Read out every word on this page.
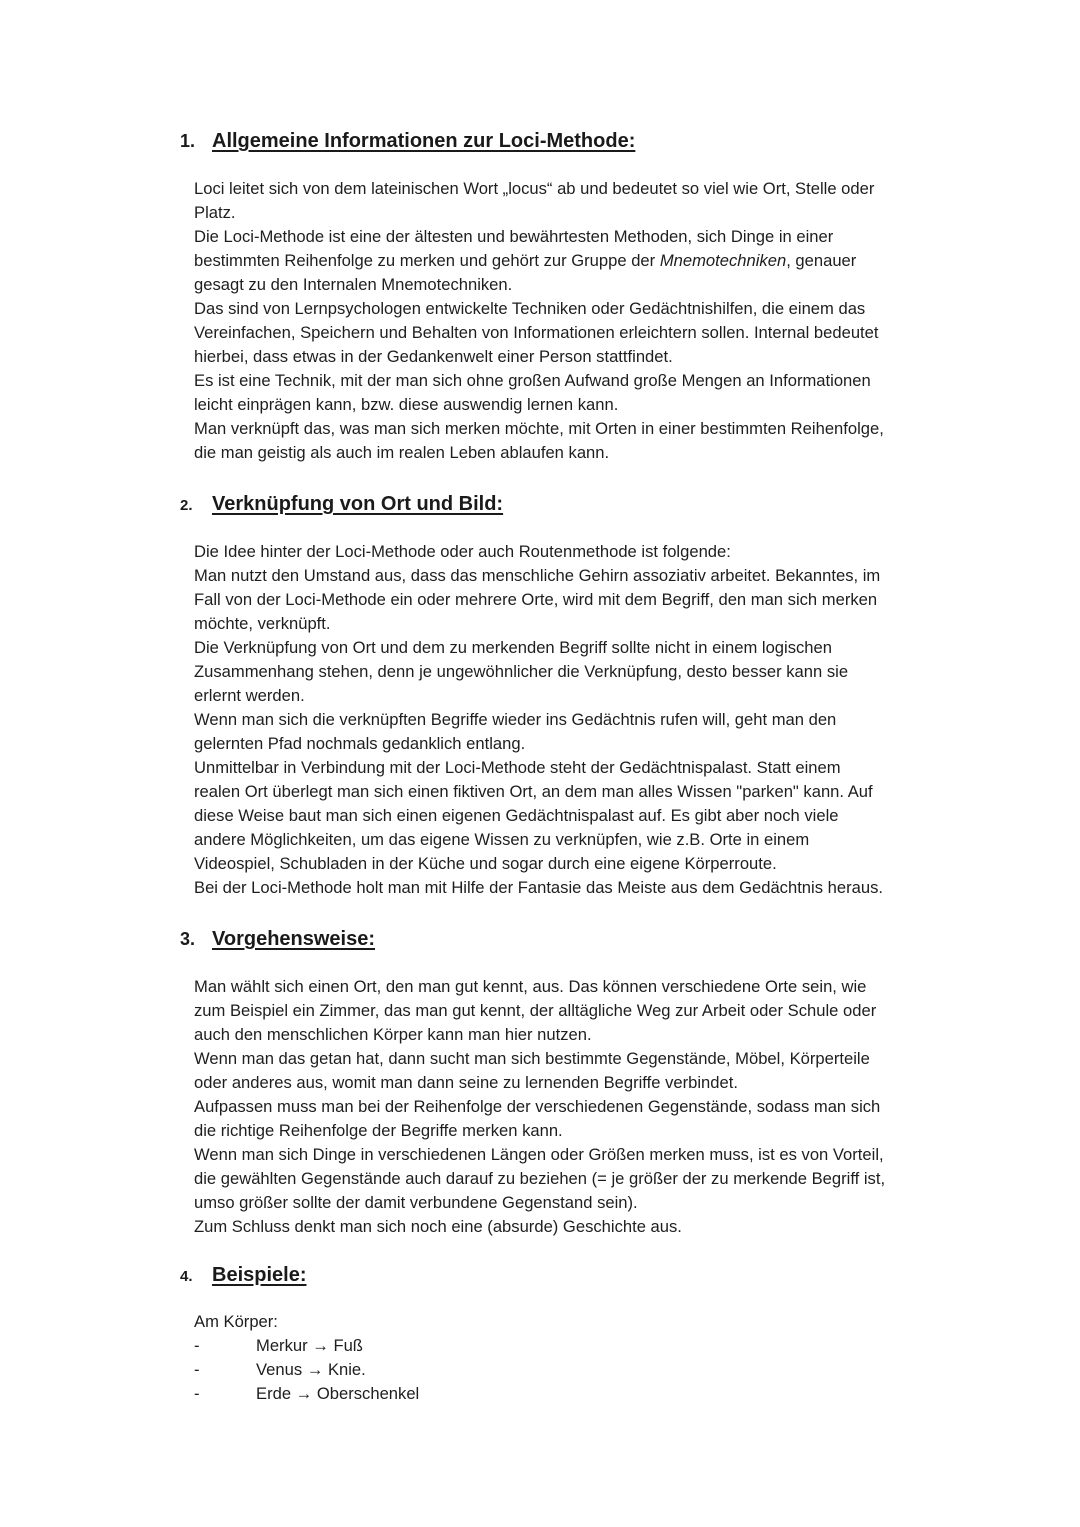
1. Allgemeine Informationen zur Loci-Methode:

Loci leitet sich von dem lateinischen Wort „locus“ ab und bedeutet so viel wie Ort, Stelle oder

Platz.

Die Loci-Methode ist eine der ältesten und bewährtesten Methoden, sich Dinge in einer

bestimmten Reihenfolge zu merken und gehört zur Gruppe der Mnemotechniken, genauer

gesagt zu den Internalen Mnemotechniken.

Das sind von Lernpsychologen entwickelte Techniken oder Gedächtnishilfen, die einem das

Vereinfachen, Speichern und Behalten von Informationen erleichtern sollen. Internal bedeutet

hierbei, dass etwas in der Gedankenwelt einer Person stattfindet.

Es ist eine Technik, mit der man sich ohne großen Aufwand große Mengen an Informationen

leicht einprägen kann, bzw. diese auswendig lernen kann.

Man verknüpft das, was man sich merken möchte, mit Orten in einer bestimmten Reihenfolge,

die man geistig als auch im realen Leben ablaufen kann.

2. Verknüpfung von Ort und Bild:

Die Idee hinter der Loci-Methode oder auch Routenmethode ist folgende:

Man nutzt den Umstand aus, dass das menschliche Gehirn assoziativ arbeitet. Bekanntes, im

Fall von der Loci-Methode ein oder mehrere Orte, wird mit dem Begriff, den man sich merken

möchte, verknüpft.

Die Verknüpfung von Ort und dem zu merkenden Begriff sollte nicht in einem logischen

Zusammenhang stehen, denn je ungewöhnlicher die Verknüpfung, desto besser kann sie

erlernt werden.

Wenn man sich die verknüpften Begriffe wieder ins Gedächtnis rufen will, geht man den

gelernten Pfad nochmals gedanklich entlang.

Unmittelbar in Verbindung mit der Loci-Methode steht der Gedächtnispalast. Statt einem

realen Ort überlegt man sich einen fiktiven Ort, an dem man alles Wissen "parken" kann. Auf

diese Weise baut man sich einen eigenen Gedächtnispalast auf. Es gibt aber noch viele

andere Möglichkeiten, um das eigene Wissen zu verknüpfen, wie z.B. Orte in einem

Videospiel, Schubladen in der Küche und sogar durch eine eigene Körperroute.

Bei der Loci-Methode holt man mit Hilfe der Fantasie das Meiste aus dem Gedächtnis heraus.

3. Vorgehensweise:

Man wählt sich einen Ort, den man gut kennt, aus. Das können verschiedene Orte sein, wie

zum Beispiel ein Zimmer, das man gut kennt, der alltägliche Weg zur Arbeit oder Schule oder

auch den menschlichen Körper kann man hier nutzen.

Wenn man das getan hat, dann sucht man sich bestimmte Gegenstände, Möbel, Körperteile

oder anderes aus, womit man dann seine zu lernenden Begriffe verbindet.

Aufpassen muss man bei der Reihenfolge der verschiedenen Gegenstände, sodass man sich

die richtige Reihenfolge der Begriffe merken kann.

Wenn man sich Dinge in verschiedenen Längen oder Größen merken muss, ist es von Vorteil,

die gewählten Gegenstände auch darauf zu beziehen (= je größer der zu merkende Begriff ist,

umso größer sollte der damit verbundene Gegenstand sein).

Zum Schluss denkt man sich noch eine (absurde) Geschichte aus.

4. Beispiele:

Am Körper:

-	Merkur → Fuß
-	Venus → Knie.
-	Erde → Oberschenkel
